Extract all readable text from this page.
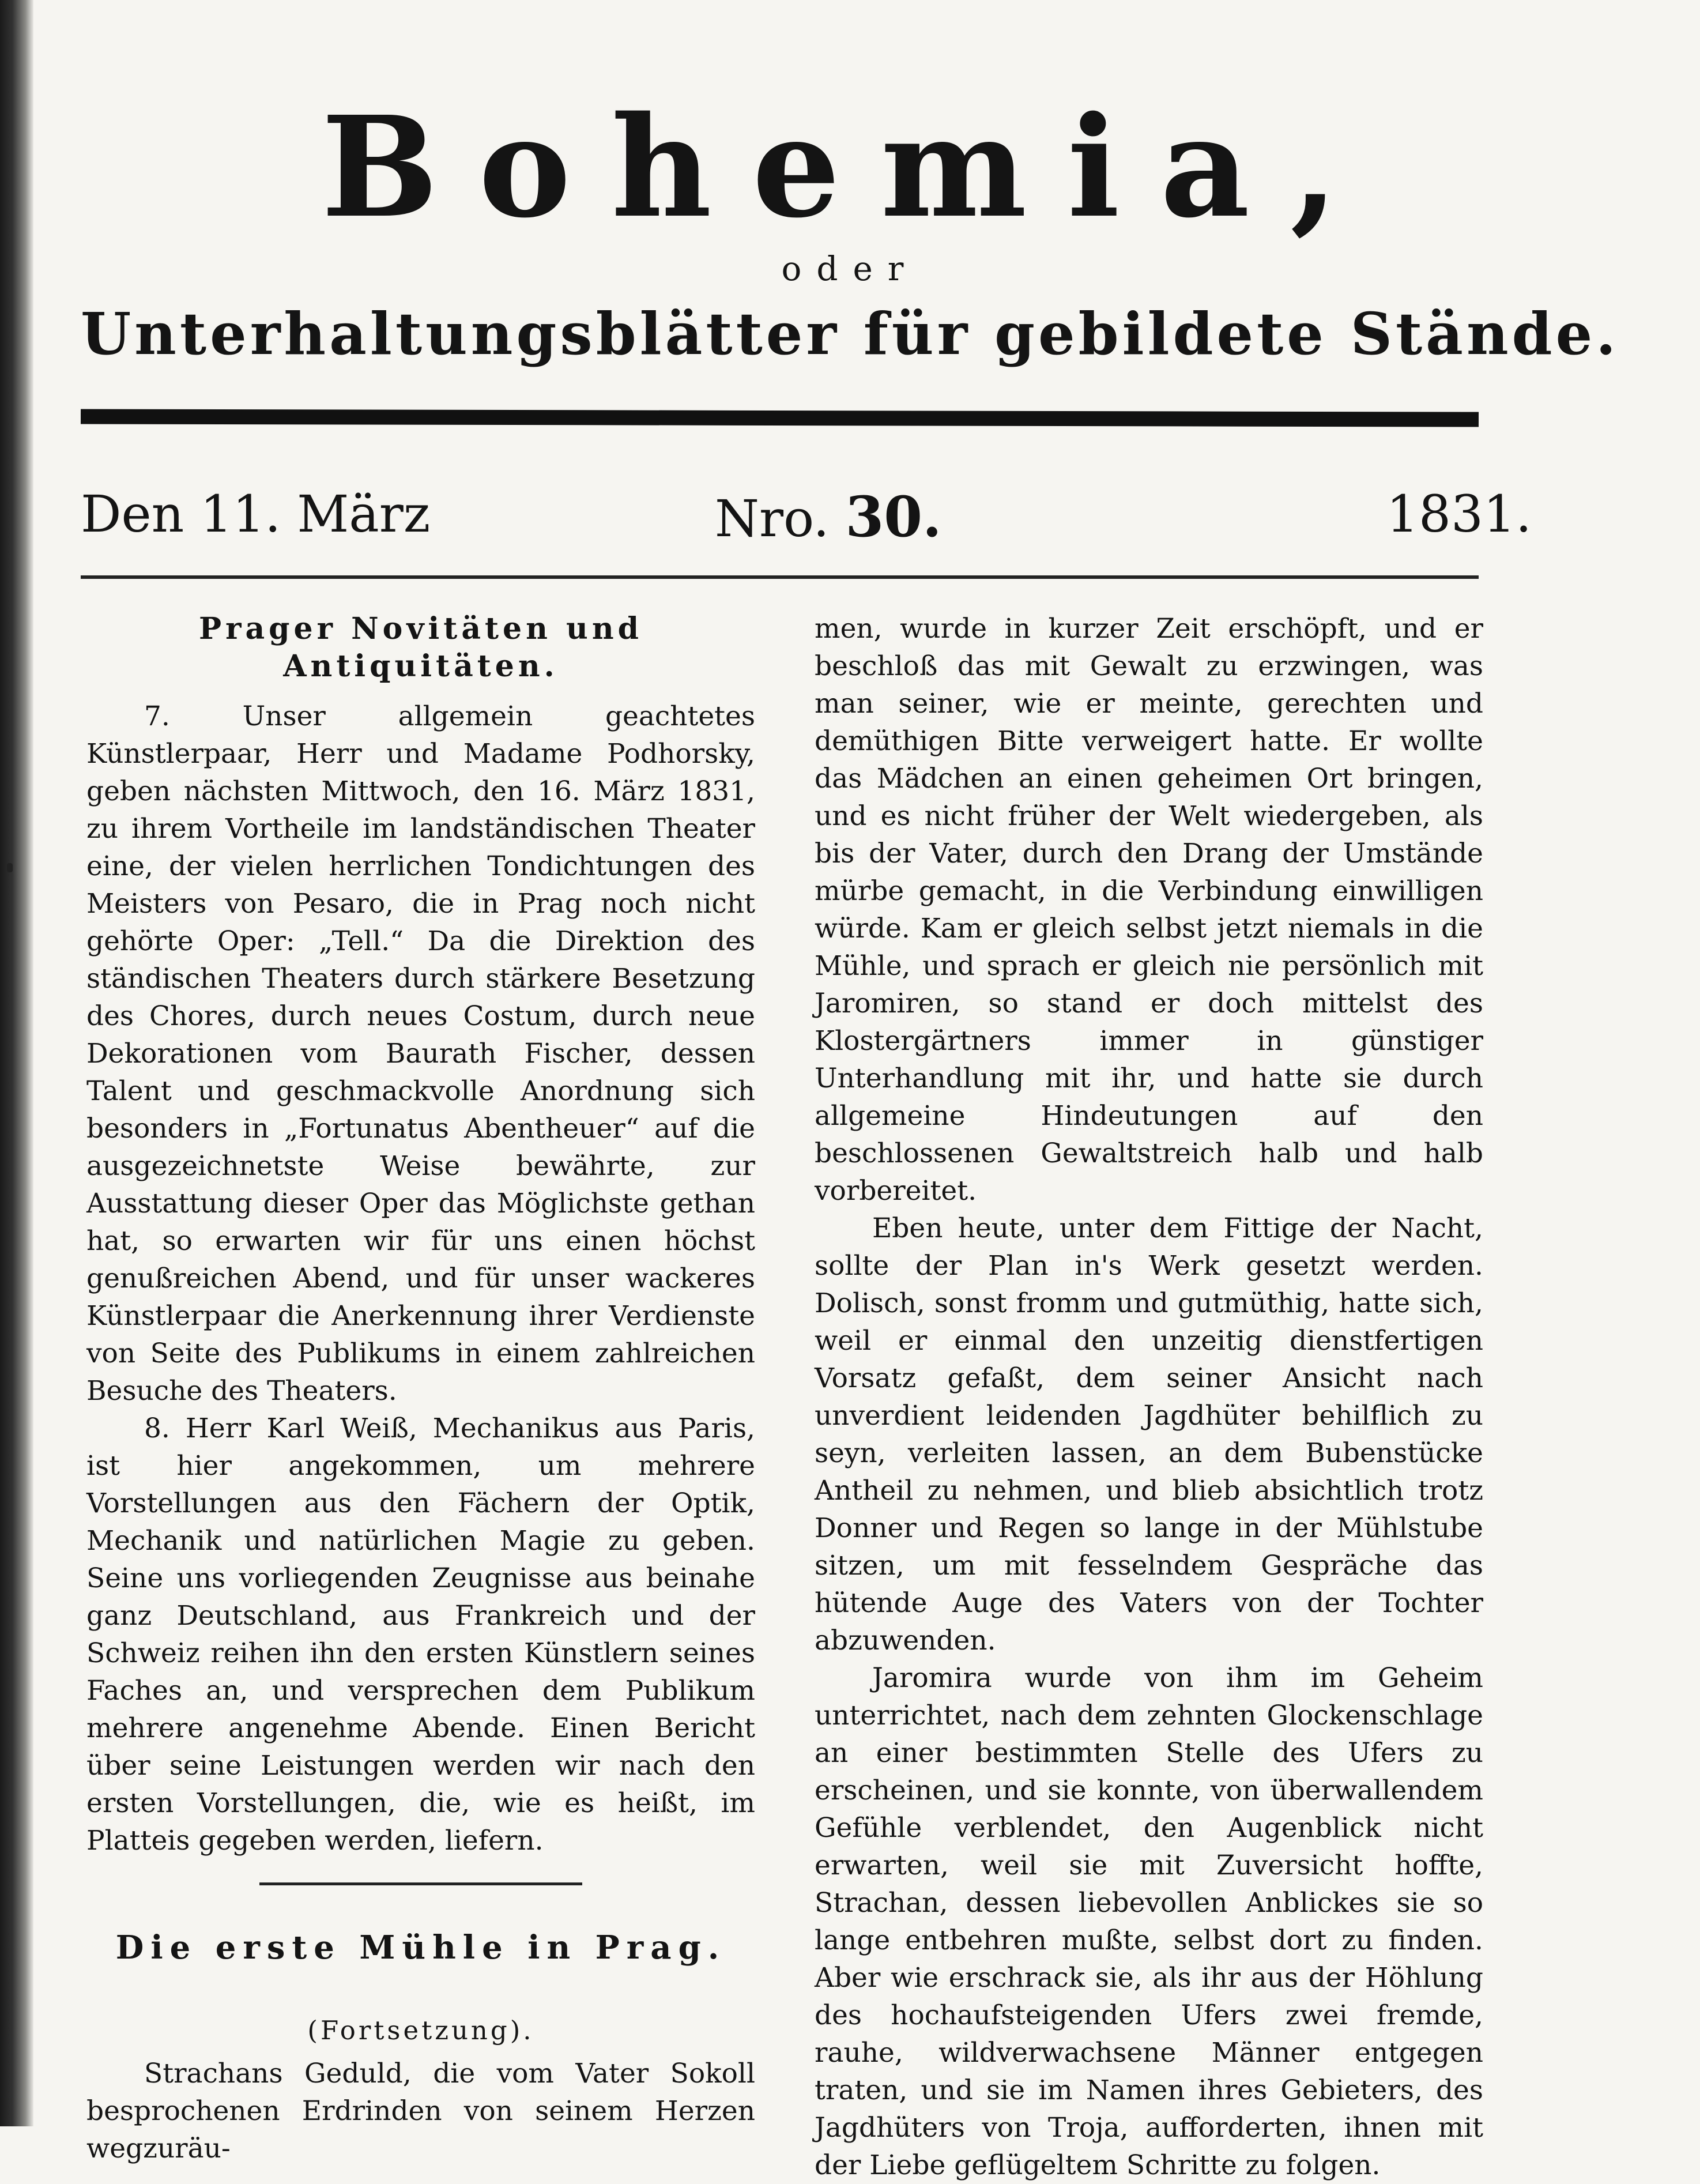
Bohemia,
oder
Unterhaltungsblätter für gebildete Stände.
Den 11. März	Nro. 30.	1831.
Prager Novitäten und Antiquitäten.

7. Unser allgemein geachtetes Künstlerpaar, Herr und Madame Podhorsky, geben nächsten Mittwoch, den 16. März 1831, zu ihrem Vortheile im landständischen Theater eine, der vielen herrlichen Tondichtungen des Meisters von Pesaro, die in Prag noch nicht gehörte Oper: „Tell.“ Da die Direktion des ständischen Theaters durch stärkere Besetzung des Chores, durch neues Costum, durch neue Dekorationen vom Baurath Fischer, dessen Talent und geschmackvolle Anordnung sich besonders in „Fortunatus Abentheuer“ auf die ausgezeichnetste Weise bewährte, zur Ausstattung dieser Oper das Möglichste gethan hat, so erwarten wir für uns einen höchst genußreichen Abend, und für unser wackeres Künstlerpaar die Anerkennung ihrer Verdienste von Seite des Publikums in einem zahlreichen Besuche des Theaters.

8. Herr Karl Weiß, Mechanikus aus Paris, ist hier angekommen, um mehrere Vorstellungen aus den Fächern der Optik, Mechanik und natürlichen Magie zu geben. Seine uns vorliegenden Zeugnisse aus beinahe ganz Deutschland, aus Frankreich und der Schweiz reihen ihn den ersten Künstlern seines Faches an, und versprechen dem Publikum mehrere angenehme Abende. Einen Bericht über seine Leistungen werden wir nach den ersten Vorstellungen, die, wie es heißt, im Platteis gegeben werden, liefern.

Die erste Mühle in Prag.
(Fortsetzung).

Strachans Geduld, die vom Vater Sokoll besprochenen Erdrinden von seinem Herzen wegzuräu-

men, wurde in kurzer Zeit erschöpft, und er beschloß das mit Gewalt zu erzwingen, was man seiner, wie er meinte, gerechten und demüthigen Bitte verweigert hatte. Er wollte das Mädchen an einen geheimen Ort bringen, und es nicht früher der Welt wiedergeben, als bis der Vater, durch den Drang der Umstände mürbe gemacht, in die Verbindung einwilligen würde. Kam er gleich selbst jetzt niemals in die Mühle, und sprach er gleich nie persönlich mit Jaromiren, so stand er doch mittelst des Klostergärtners immer in günstiger Unterhandlung mit ihr, und hatte sie durch allgemeine Hindeutungen auf den beschlossenen Gewaltstreich halb und halb vorbereitet.

Eben heute, unter dem Fittige der Nacht, sollte der Plan in's Werk gesetzt werden. Dolisch, sonst fromm und gutmüthig, hatte sich, weil er einmal den unzeitig dienstfertigen Vorsatz gefaßt, dem seiner Ansicht nach unverdient leidenden Jagdhüter behilflich zu seyn, verleiten lassen, an dem Bubenstücke Antheil zu nehmen, und blieb absichtlich trotz Donner und Regen so lange in der Mühlstube sitzen, um mit fesselndem Gespräche das hütende Auge des Vaters von der Tochter abzuwenden.

Jaromira wurde von ihm im Geheim unterrichtet, nach dem zehnten Glockenschlage an einer bestimmten Stelle des Ufers zu erscheinen, und sie konnte, von überwallendem Gefühle verblendet, den Augenblick nicht erwarten, weil sie mit Zuversicht hoffte, Strachan, dessen liebevollen Anblickes sie so lange entbehren mußte, selbst dort zu finden. Aber wie erschrack sie, als ihr aus der Höhlung des hochaufsteigenden Ufers zwei fremde, rauhe, wildverwachsene Männer entgegen traten, und sie im Namen ihres Gebieters, des Jagdhüters von Troja, aufforderten, ihnen mit der Liebe geflügeltem Schritte zu folgen.
